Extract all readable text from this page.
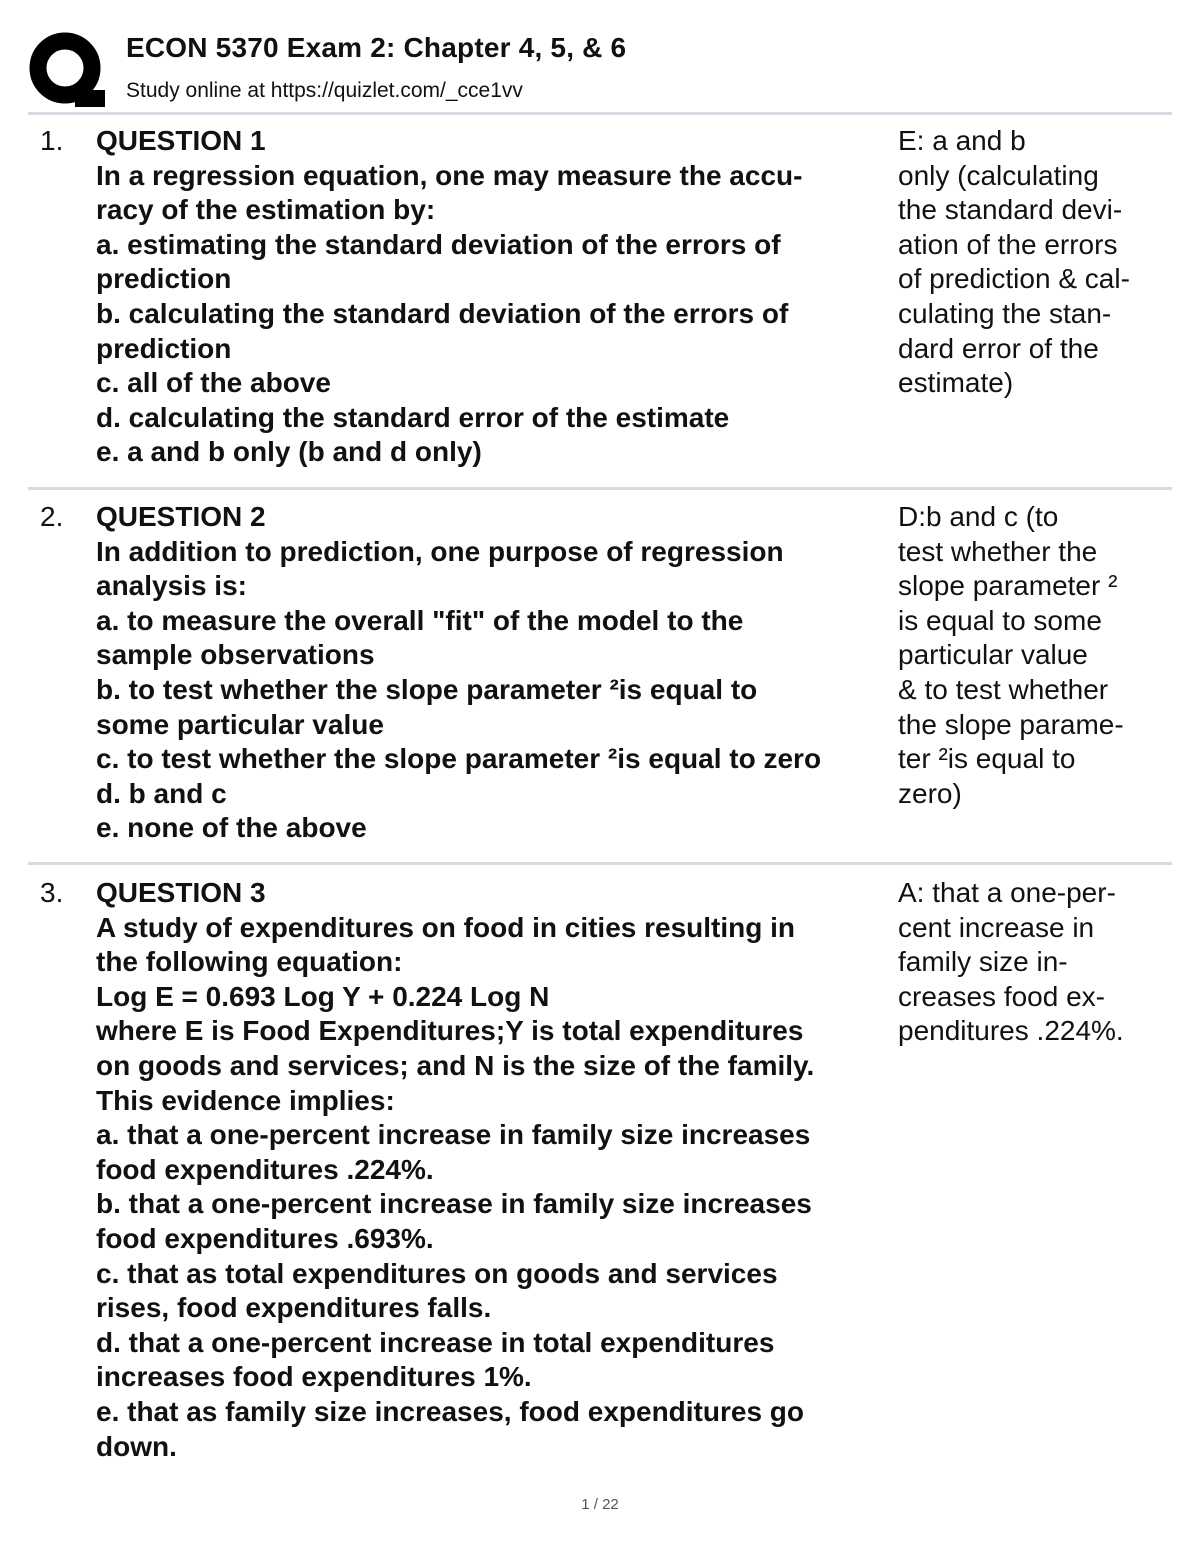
ECON 5370 Exam 2: Chapter 4, 5, & 6
Study online at https://quizlet.com/_cce1vv
1. QUESTION 1
In a regression equation, one may measure the accu-
racy of the estimation by:
a. estimating the standard deviation of the errors of
prediction
b. calculating the standard deviation of the errors of
prediction
c. all of the above
d. calculating the standard error of the estimate
e. a and b only (b and d only)
E: a and b
only (calculating
the standard devi-
ation of the errors
of prediction & cal-
culating the stan-
dard error of the
estimate)
2. QUESTION 2
In addition to prediction, one purpose of regression
analysis is:
a. to measure the overall "fit" of the model to the
sample observations
b. to test whether the slope parameter ²is equal to
some particular value
c. to test whether the slope parameter ²is equal to zero
d. b and c
e. none of the above
D:b and c (to
test whether the
slope parameter ²
is equal to some
particular value
& to test whether
the slope parame-
ter ²is equal to
zero)
3. QUESTION 3
A study of expenditures on food in cities resulting in
the following equation:
Log E = 0.693 Log Y + 0.224 Log N
where E is Food Expenditures;Y is total expenditures
on goods and services; and N is the size of the family.
This evidence implies:
a. that a one-percent increase in family size increases
food expenditures .224%.
b. that a one-percent increase in family size increases
food expenditures .693%.
c. that as total expenditures on goods and services
rises, food expenditures falls.
d. that a one-percent increase in total expenditures
increases food expenditures 1%.
e. that as family size increases, food expenditures go
down.
A: that a one-per-
cent increase in
family size in-
creases food ex-
penditures .224%.
1 / 22
